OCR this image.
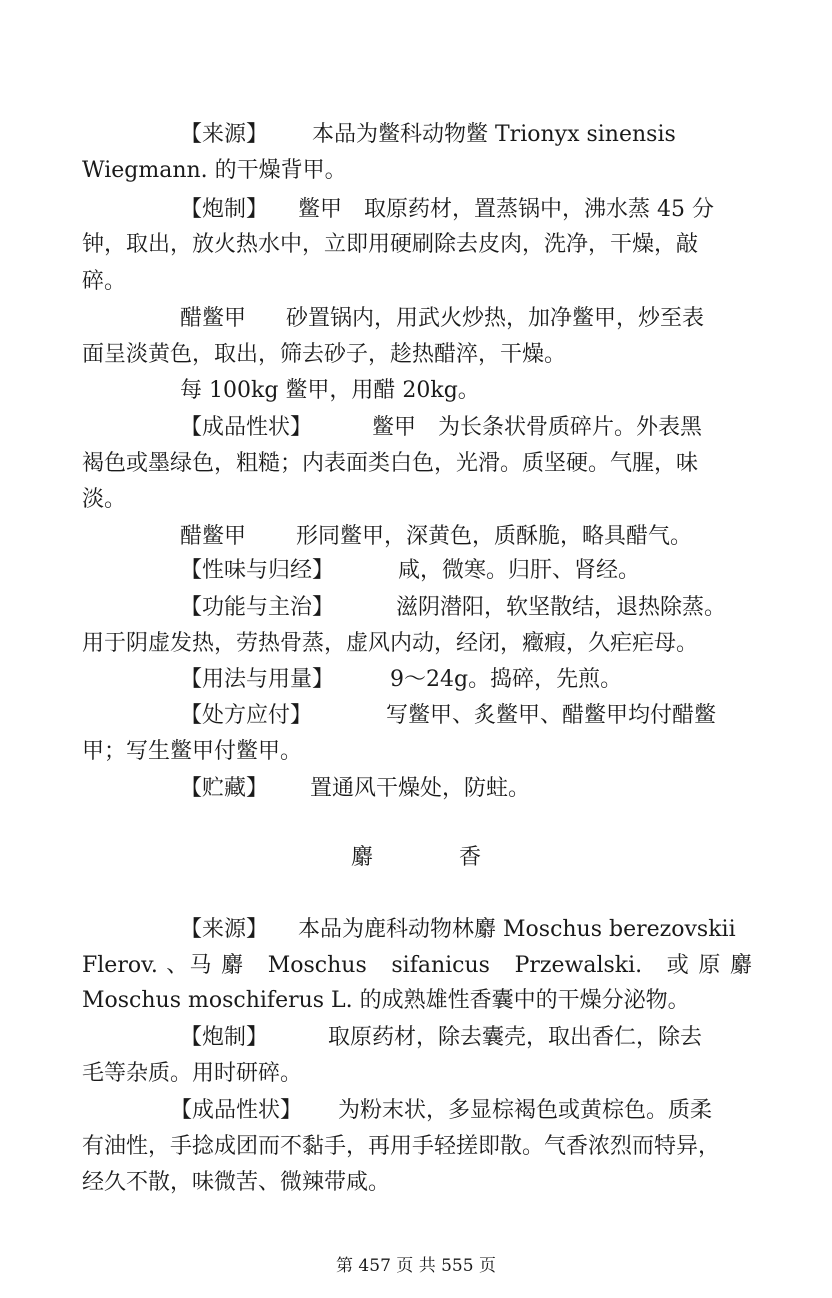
【来源】 本品为鳖科动物鳖 Trionyx sinensis
Wiegmann. 的干燥背甲。
【炮制】 鳖甲　取原药材，置蒸锅中，沸水蒸 45 分
钟，取出，放火热水中，立即用硬刷除去皮肉，洗净，干燥，敲
碎。
醋鳖甲 砂置锅内，用武火炒热，加净鳖甲，炒至表
面呈淡黄色，取出，筛去砂子，趁热醋淬，干燥。
每 100kg 鳖甲，用醋 20kg。
【成品性状】	鳖甲　为长条状骨质碎片。外表黑
褐色或墨绿色，粗糙；内表面类白色，光滑。质坚硬。气腥，味
淡。
醋鳖甲 形同鳖甲，深黄色，质酥脆，略具醋气。
【性味与归经】	咸，微寒。归肝、肾经。
【功能与主治】	滋阴潜阳，软坚散结，退热除蒸。
用于阴虚发热，劳热骨蒸，虚风内动，经闭，癥瘕，久疟疟母。
【用法与用量】	9～24g。捣碎，先煎。
【处方应付】	写鳖甲、炙鳖甲、醋鳖甲均付醋鳖
甲；写生鳖甲付鳖甲。
【贮藏】 置通风干燥处，防蛀。
麝	香
【来源】 本品为鹿科动物林麝 Moschus berezovskii
Flerov. 、马 麝　Moschus　sifanicus　Przewalski.　或 原 麝
Moschus moschiferus L. 的成熟雄性香囊中的干燥分泌物。
【炮制】	取原药材，除去囊壳，取出香仁，除去
毛等杂质。用时研碎。
【成品性状】 为粉末状，多显棕褐色或黄棕色。质柔
有油性，手捻成团而不黏手，再用手轻搓即散。气香浓烈而特异，
经久不散，味微苦、微辣带咸。
第 457 页 共 555 页
